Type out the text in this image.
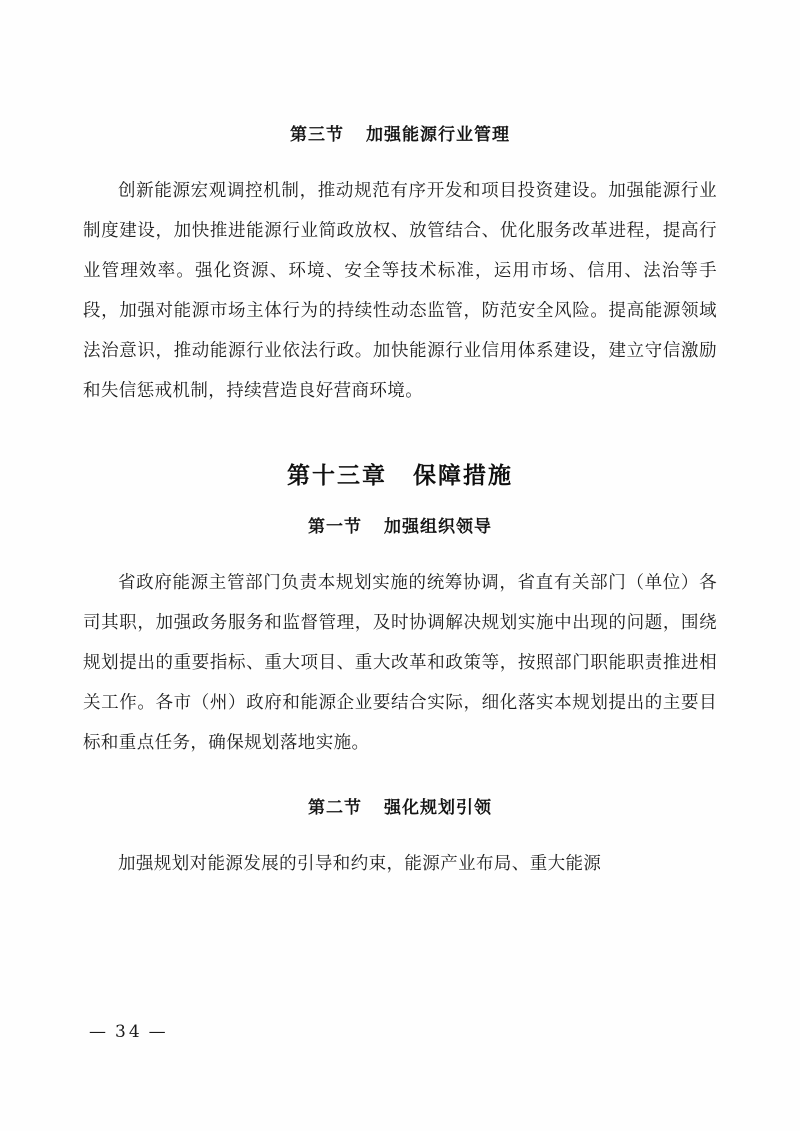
第三节 加强能源行业管理

创新能源宏观调控机制，推动规范有序开发和项目投资建设。加强能源行业制度建设，加快推进能源行业简政放权、放管结合、优化服务改革进程，提高行业管理效率。强化资源、环境、安全等技术标准，运用市场、信用、法治等手段，加强对能源市场主体行为的持续性动态监管，防范安全风险。提高能源领域法治意识，推动能源行业依法行政。加快能源行业信用体系建设，建立守信激励和失信惩戒机制，持续营造良好营商环境。

第十三章 保障措施
第一节 加强组织领导

省政府能源主管部门负责本规划实施的统筹协调，省直有关部门（单位）各司其职，加强政务服务和监督管理，及时协调解决规划实施中出现的问题，围绕规划提出的重要指标、重大项目、重大改革和政策等，按照部门职能职责推进相关工作。各市（州）政府和能源企业要结合实际，细化落实本规划提出的主要目标和重点任务，确保规划落地实施。

第二节 强化规划引领

加强规划对能源发展的引导和约束，能源产业布局、重大能源

— 34 —
